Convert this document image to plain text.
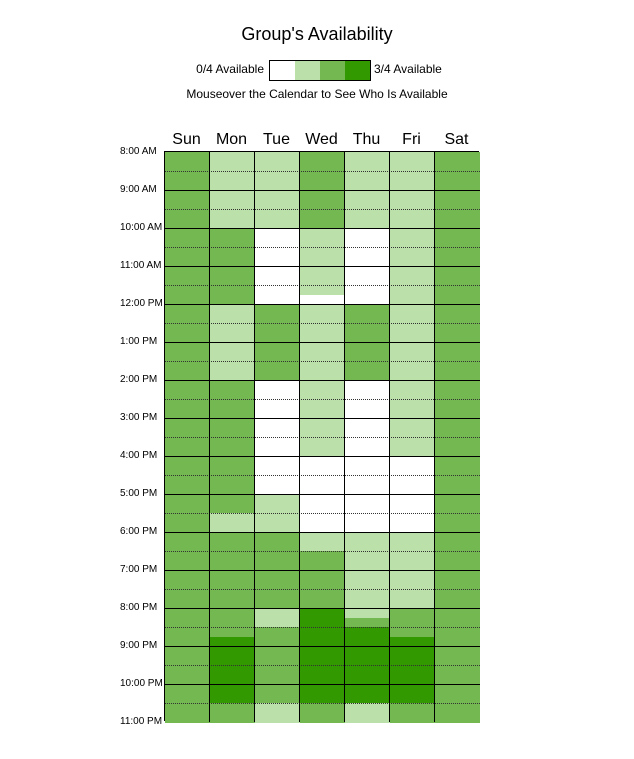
Group's Availability
0/4 Available	3/4 Available
Mouseover the Calendar to See Who Is Available
Sun Mon Tue Wed Thu	Fri	Sat
8:00 AM
9:00 AM
10:00 AM
11:00 AM
12:00 PM
1:00 PM
2:00 PM
3:00 PM
4:00 PM
5:00 PM
6:00 PM
7:00 PM
8:00 PM
9:00 PM
10:00 PM
11:00 PM
